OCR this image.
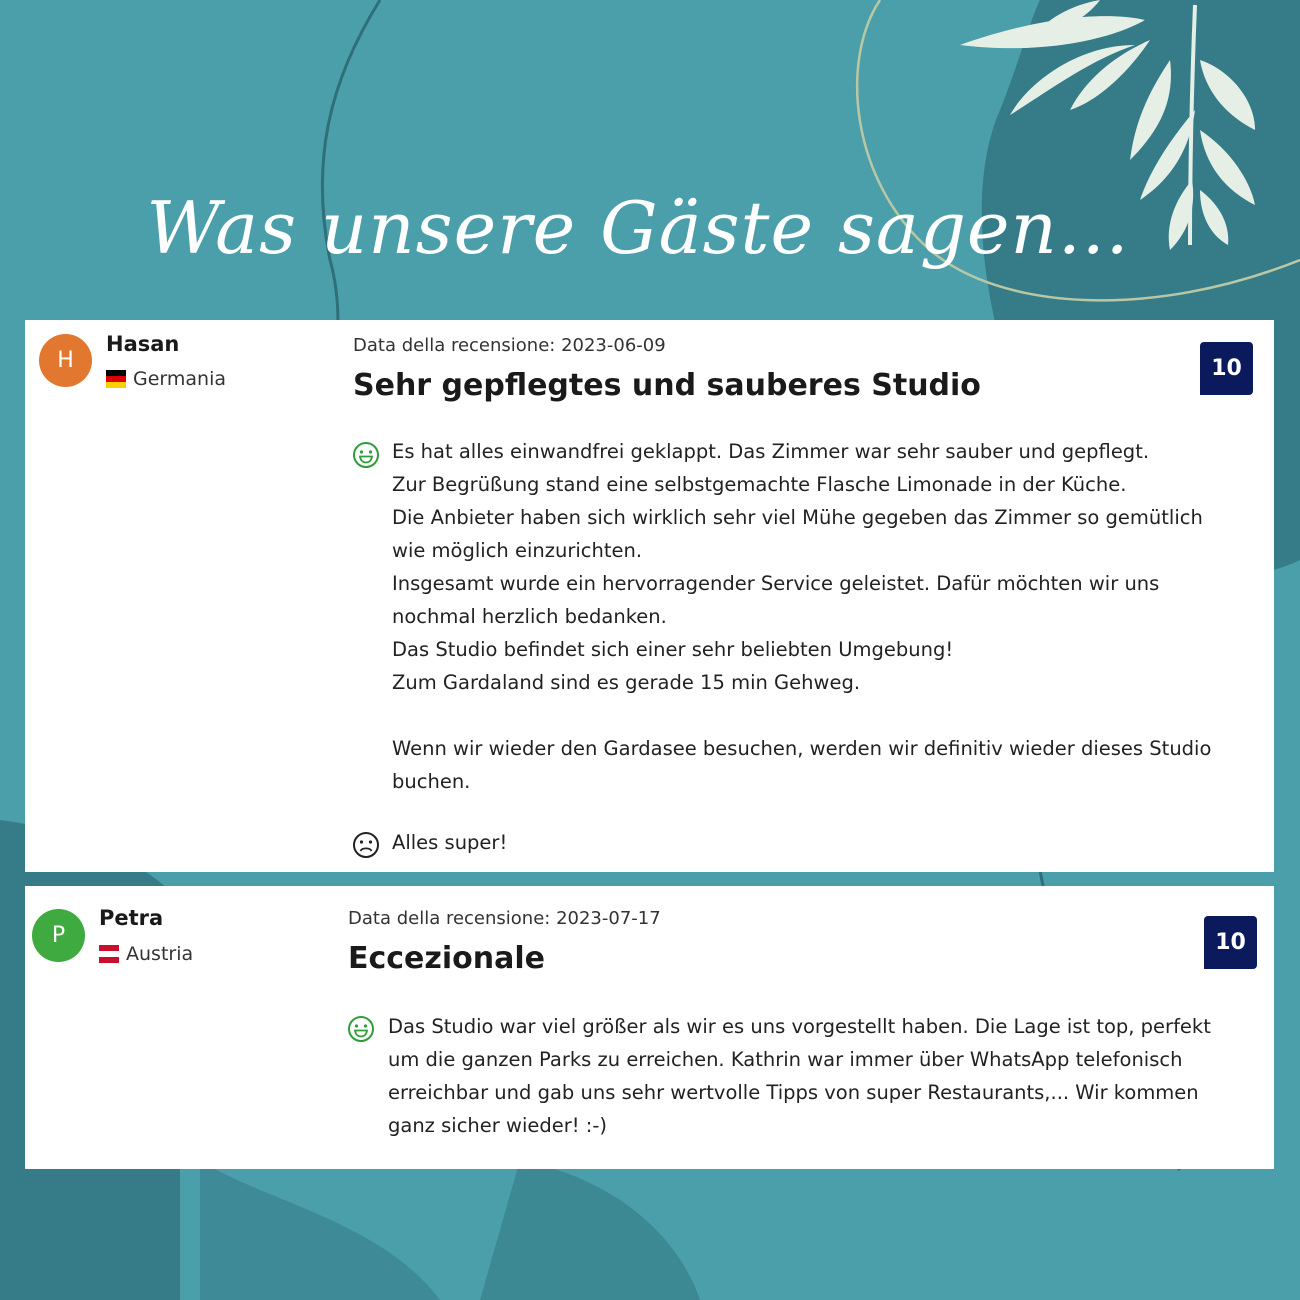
Was unsere Gäste sagen...
H
Hasan
Germania
Data della recensione: 2023-06-09
Sehr gepflegtes und sauberes Studio	10

Es hat alles einwandfrei geklappt. Das Zimmer war sehr sauber und gepflegt.

Zur Begrüßung stand eine selbstgemachte Flasche Limonade in der Küche.

Die Anbieter haben sich wirklich sehr viel Mühe gegeben das Zimmer so gemütlich

wie möglich einzurichten.

Insgesamt wurde ein hervorragender Service geleistet. Dafür möchten wir uns

nochmal herzlich bedanken.

Das Studio befindet sich einer sehr beliebten Umgebung!

Zum Gardaland sind es gerade 15 min Gehweg.

Wenn wir wieder den Gardasee besuchen, werden wir definitiv wieder dieses Studio

buchen.

Alles super!
P
Petra
Austria
Data della recensione: 2023-07-17
Eccezionale	10

Das Studio war viel größer als wir es uns vorgestellt haben. Die Lage ist top, perfekt

um die ganzen Parks zu erreichen. Kathrin war immer über WhatsApp telefonisch

erreichbar und gab uns sehr wertvolle Tipps von super Restaurants,... Wir kommen

ganz sicher wieder! :-)
